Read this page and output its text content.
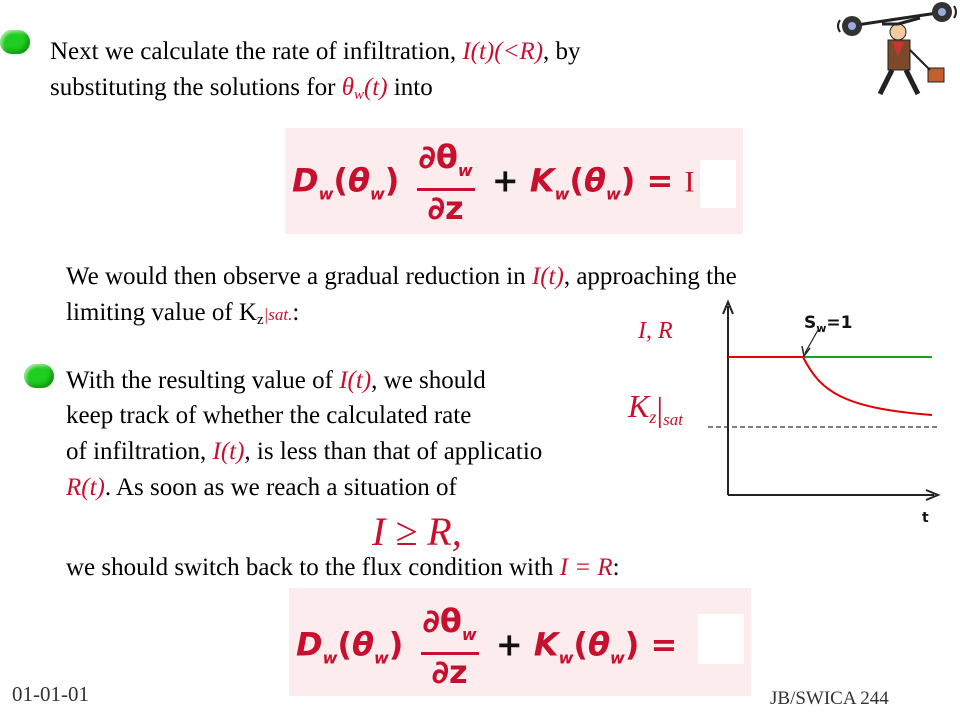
Next we calculate the rate of infiltration, I(t)(<R), by
substituting the solutions for $\theta_w(t)$ into
$D_w(\theta_w) \frac{\partial\theta_w}{\partial z} + K_w(\theta_w) = I$
We would then observe a gradual reduction in I(t), approaching the
limiting value of $K_z|sat$.:
I, R
$Kz|_{sat}$
$S_w=1$
t
With the resulting value of I(t), we should
keep track of whether the calculated rate
of infiltration, I(t), is less than that of applicatio
R(t). As soon as we reach a situation of
I ≥ R,
we should switch back to the flux condition with I = R:
$D_w(\theta_w) \frac{\partial\theta_w}{\partial z} + K_w(\theta_w)$ =
01-01-01	JB/SWICA 244
